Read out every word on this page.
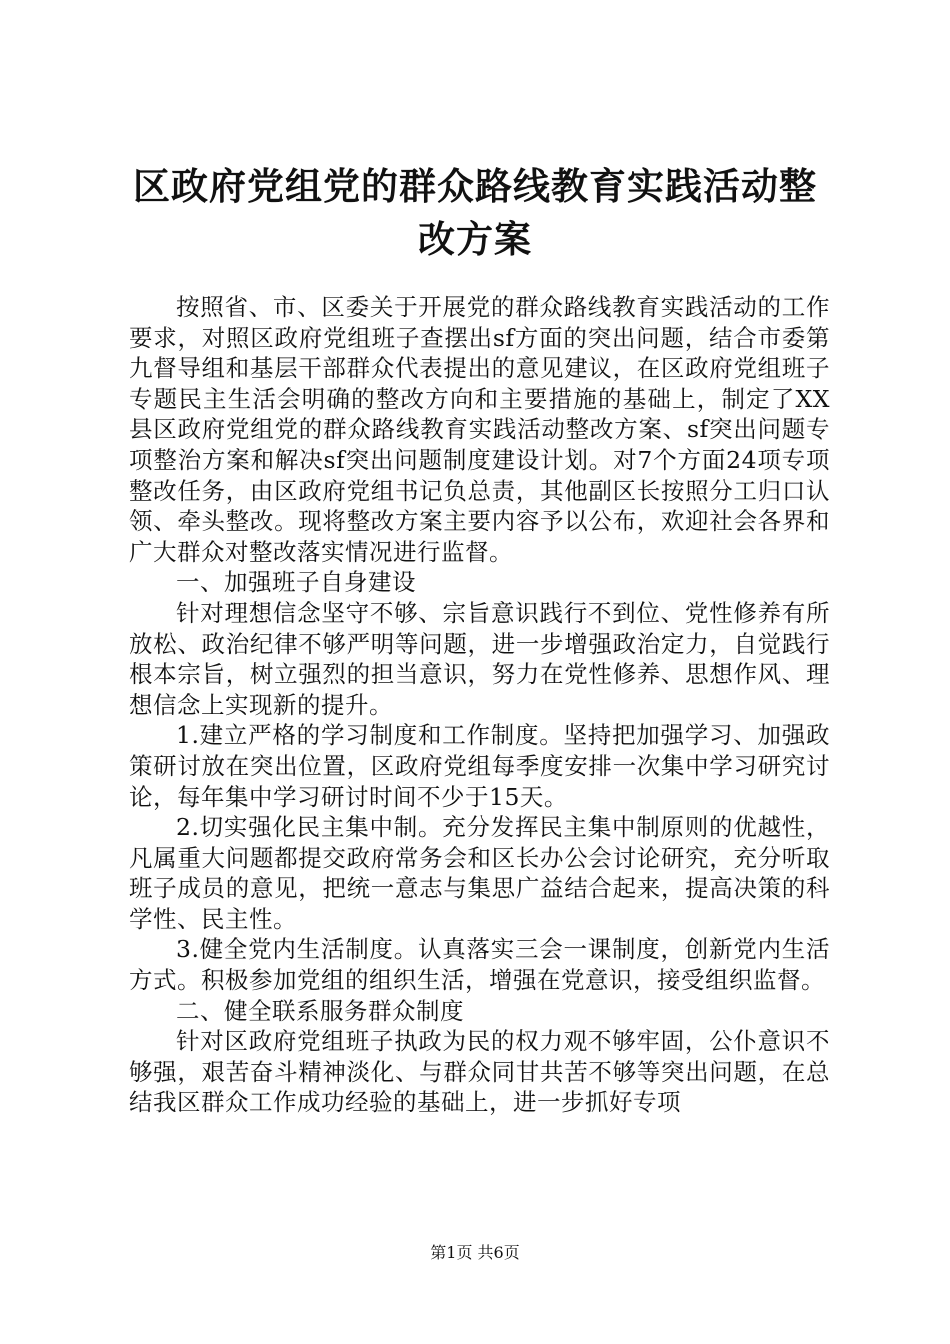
区政府党组党的群众路线教育实践活动整改方案

按照省、市、区委关于开展党的群众路线教育实践活动的工作要求，对照区政府党组班子查摆出sf方面的突出问题，结合市委第九督导组和基层干部群众代表提出的意见建议，在区政府党组班子专题民主生活会明确的整改方向和主要措施的基础上，制定了XX县区政府党组党的群众路线教育实践活动整改方案、sf突出问题专项整治方案和解决sf突出问题制度建设计划。对7个方面24项专项整改任务，由区政府党组书记负总责，其他副区长按照分工归口认领、牵头整改。现将整改方案主要内容予以公布，欢迎社会各界和广大群众对整改落实情况进行监督。

一、加强班子自身建设

针对理想信念坚守不够、宗旨意识践行不到位、党性修养有所放松、政治纪律不够严明等问题，进一步增强政治定力，自觉践行根本宗旨，树立强烈的担当意识，努力在党性修养、思想作风、理想信念上实现新的提升。

1.建立严格的学习制度和工作制度。坚持把加强学习、加强政策研讨放在突出位置，区政府党组每季度安排一次集中学习研究讨论，每年集中学习研讨时间不少于15天。

2.切实强化民主集中制。充分发挥民主集中制原则的优越性，凡属重大问题都提交政府常务会和区长办公会讨论研究，充分听取班子成员的意见，把统一意志与集思广益结合起来，提高决策的科学性、民主性。

3.健全党内生活制度。认真落实三会一课制度，创新党内生活方式。积极参加党组的组织生活，增强在党意识，接受组织监督。

二、健全联系服务群众制度

针对区政府党组班子执政为民的权力观不够牢固，公仆意识不够强，艰苦奋斗精神淡化、与群众同甘共苦不够等突出问题，在总结我区群众工作成功经验的基础上，进一步抓好专项

第1页 共6页
